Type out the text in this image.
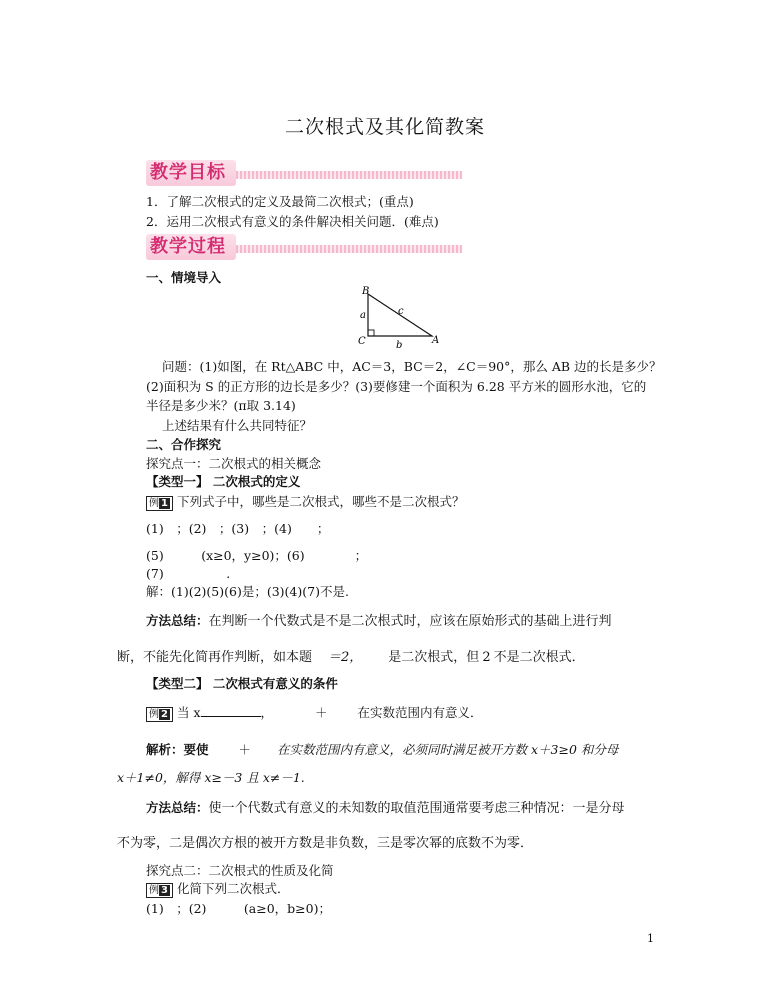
二次根式及其化简教案
教学目标
1．了解二次根式的定义及最简二次根式；(重点)
2．运用二次根式有意义的条件解决相关问题．(难点)
教学过程
一、情境导入
B
C	A
a
b
c
问题：(1)如图，在 Rt△ABC 中，AC＝3，BC＝2，∠C＝90°，那么 AB 边的长是多少？
(2)面积为 S 的正方形的边长是多少？(3)要修建一个面积为 6.28 平方米的圆形水池，它的
半径是多少米？(π取 3.14)
上述结果有什么共同特征？
二、合作探究
探究点一：二次根式的相关概念
【类型一】 二次根式的定义
例 1 下列式子中，哪些是二次根式，哪些不是二次根式？
(1)　；(2)　；(3)　；(4)　　；
(5)　　　(x≥0，y≥0)；(6)　　　　；
(7)　　　　　.
解：(1)(2)(5)(6)是；(3)(4)(7)不是.
方法总结：在判断一个代数式是不是二次根式时，应该在原始形式的基础上进行判
断，不能先化简再作判断，如本题 ＝2， 是二次根式，但 2 不是二次根式．
【类型二】 二次根式有意义的条件
例 2 当 x	，	＋ 在实数范围内有意义．
解析：要使 ＋ 在实数范围内有意义，必须同时满足被开方数 x＋3≥0 和分母
x＋1≠0，解得 x≥－3 且 x≠－1.
方法总结：使一个代数式有意义的未知数的取值范围通常要考虑三种情况：一是分母
不为零，二是偶次方根的被开方数是非负数，三是零次幂的底数不为零．
探究点二：二次根式的性质及化简
例 3 化简下列二次根式．
(1)　；(2)　　　(a≥0，b≥0)；
1
